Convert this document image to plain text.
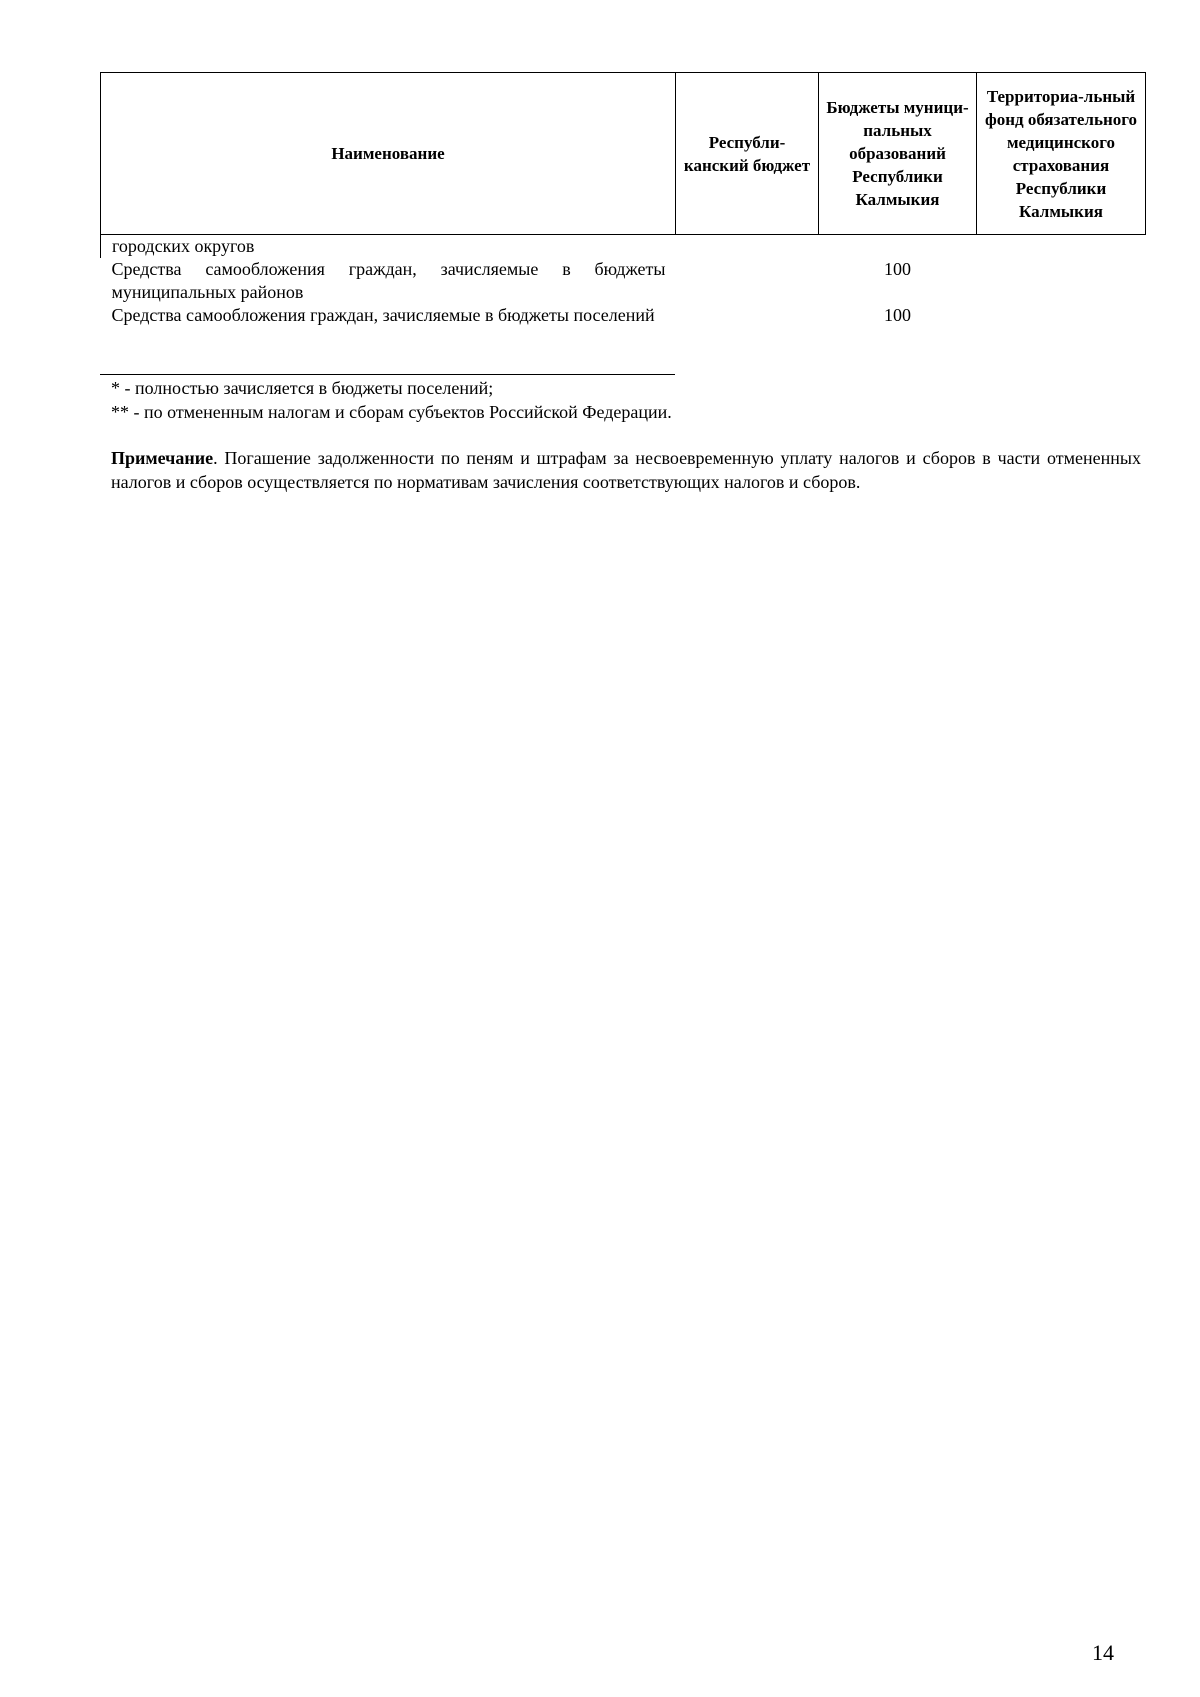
Наименование	Республи-канский бюджет	Бюджеты муници-пальных образований Республики Калмыкия	Территориа-льный фонд обязательного медицинского страхования Республики Калмыкия
городских округов			
Средства самообложения граждан, зачисляемые в бюджеты муниципальных районов		100	
Средства самообложения граждан, зачисляемые в бюджеты поселений		100	
* - полностью зачисляется в бюджеты поселений;
** - по отмененным налогам и сборам субъектов Российской Федерации.
Примечание. Погашение задолженности по пеням и штрафам за несвоевременную уплату налогов и сборов в части отмененных налогов и сборов осуществляется по нормативам зачисления соответствующих налогов и сборов.
14
